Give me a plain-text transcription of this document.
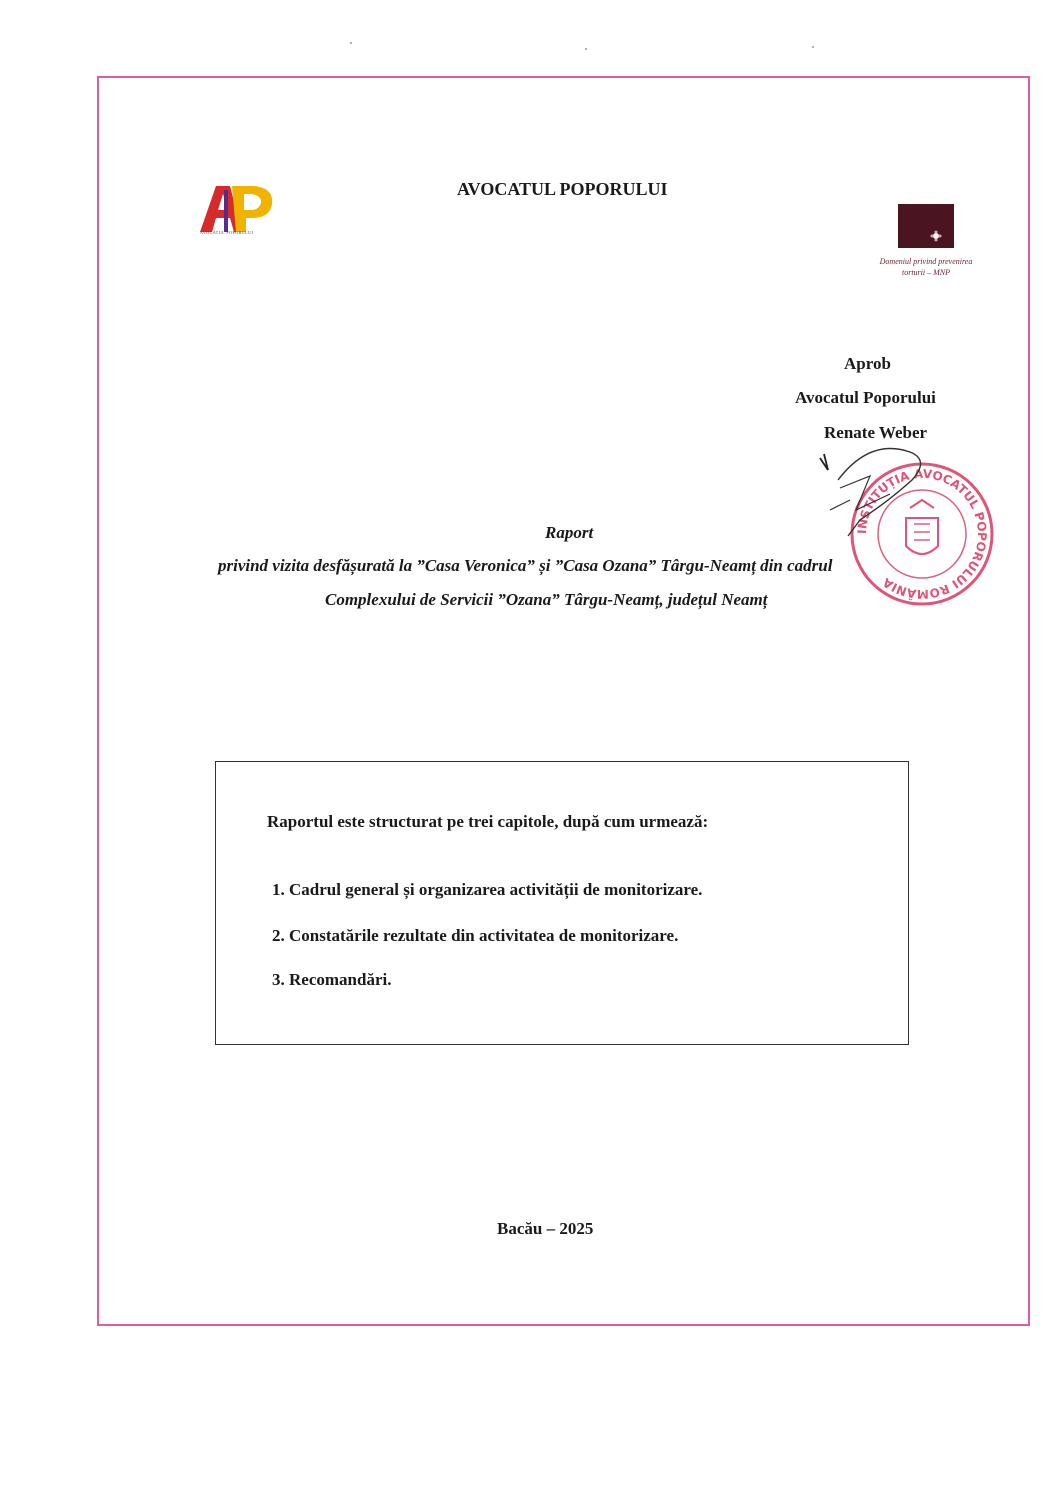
AVOCATUL POPORULUI
AVOCATUL POPORULUI
Domeniul privind prevenirea torturii – MNP
Aprob
Avocatul Poporului
Renate Weber
INSTITUȚIA AVOCATUL POPORULUI ROMÂNIA
Raport
privind vizita desfășurată la ”Casa Veronica” și ”Casa Ozana” Târgu-Neamț din cadrul
Complexului de Servicii ”Ozana” Târgu-Neamț, județul Neamț
Raportul este structurat pe trei capitole, după cum urmează:
1. Cadrul general și organizarea activității de monitorizare.
2. Constatările rezultate din activitatea de monitorizare.
3. Recomandări.
Bacău – 2025
